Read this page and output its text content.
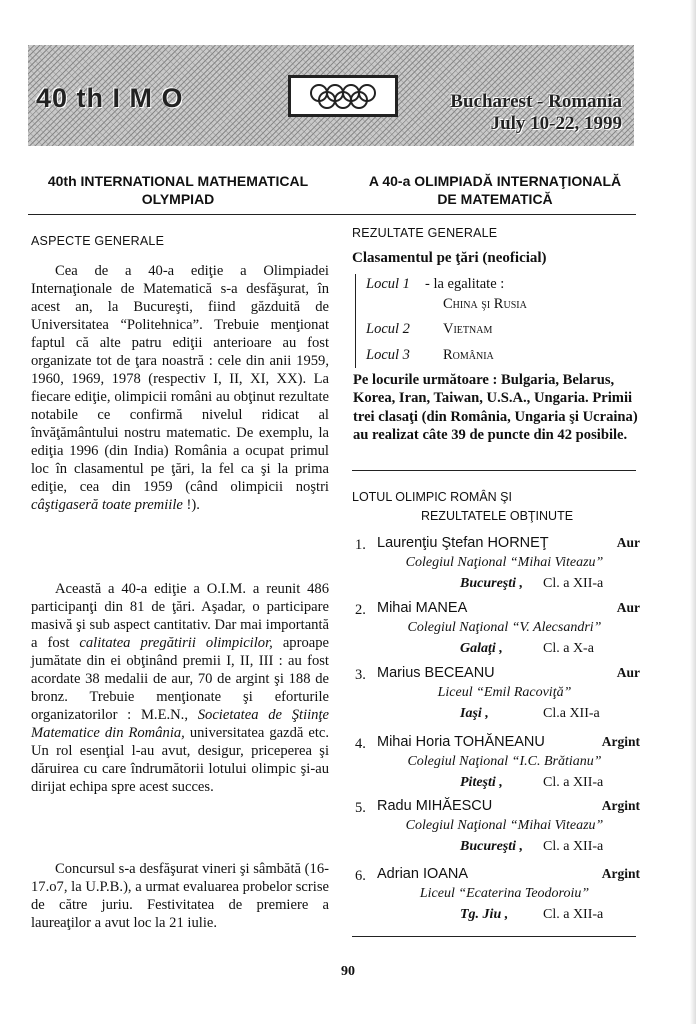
40 th I M O	Bucharest - Romania
July 10-22, 1999
40th INTERNATIONAL MATHEMATICAL
OLYMPIAD
A 40-a OLIMPIADĂ INTERNAŢIONALĂ
DE MATEMATICĂ
ASPECTE GENERALE
Cea de a 40-a ediţie a Olimpiadei Internaţionale de Matematică s-a desfăşurat, în acest an, la Bucureşti, fiind găzduită de Universitatea “Politehnica”. Trebuie menţionat faptul că alte patru ediţii anterioare au fost organizate tot de ţara noastră : cele din anii 1959, 1960, 1969, 1978 (respectiv I, II, XI, XX). La fiecare ediţie, olimpicii români au obţinut rezultate notabile ce confirmă nivelul ridicat al învăţământului nostru matematic. De exemplu, la ediţia 1996 (din India) România a ocupat primul loc în clasamentul pe ţări, la fel ca şi la prima ediţie, cea din 1959 (când olimpicii noştri câştigaseră toate premiile !).
Această a 40-a ediţie a O.I.M. a reunit 486 participanţi din 81 de ţări. Aşadar, o participare masivă şi sub aspect cantitativ. Dar mai importantă a fost calitatea pregătirii olimpicilor, aproape jumătate din ei obţinând premii I, II, III : au fost acordate 38 medalii de aur, 70 de argint şi 188 de bronz. Trebuie menţionate şi eforturile organizatorilor : M.E.N., Societatea de Ştiinţe Matematice din România, universitatea gazdă etc. Un rol esenţial l-au avut, desigur, priceperea şi dăruirea cu care îndrumătorii lotului olimpic şi-au dirijat echipa spre acest succes.
Concursul s-a desfăşurat vineri şi sâmbătă (16-17.o7, la U.P.B.), a urmat evaluarea probelor scrise de către juriu. Festivitatea de premiere a laureaţilor a avut loc la 21 iulie.
REZULTATE GENERALE
Clasamentul pe ţări (neoficial)
Locul 1 - la egalitate :
China şi Rusia
Locul 2 Vietnam
Locul 3 România
Pe locurile următoare : Bulgaria, Belarus, Korea, Iran, Taiwan, U.S.A., Ungaria. Primii trei clasaţi (din România, Ungaria şi Ucraina) au realizat câte 39 de puncte din 42 posibile.
LOTUL OLIMPIC ROMÂN ŞI
REZULTATELE OBŢINUTE
1. Laurenţiu Ştefan HORNEŢ	Aur
Colegiul Naţional “Mihai Viteazu”
Bucureşti , Cl. a XII-a
2. Mihai MANEA	Aur
Colegiul Naţional “V. Alecsandri”
Galaţi ,	Cl. a X-a
3. Marius BECEANU	Aur
Liceul “Emil Racoviţă”
Iaşi ,	Cl.a XII-a
4. Mihai Horia TOHĂNEANU	Argint
Colegiul Naţional “I.C. Brătianu”
Piteşti ,	Cl. a XII-a
5. Radu MIHĂESCU	Argint
Colegiul Naţional “Mihai Viteazu”
Bucureşti , Cl. a XII-a
6. Adrian IOANA	Argint
Liceul “Ecaterina Teodoroiu”
Tg. Jiu , Cl. a XII-a
90
